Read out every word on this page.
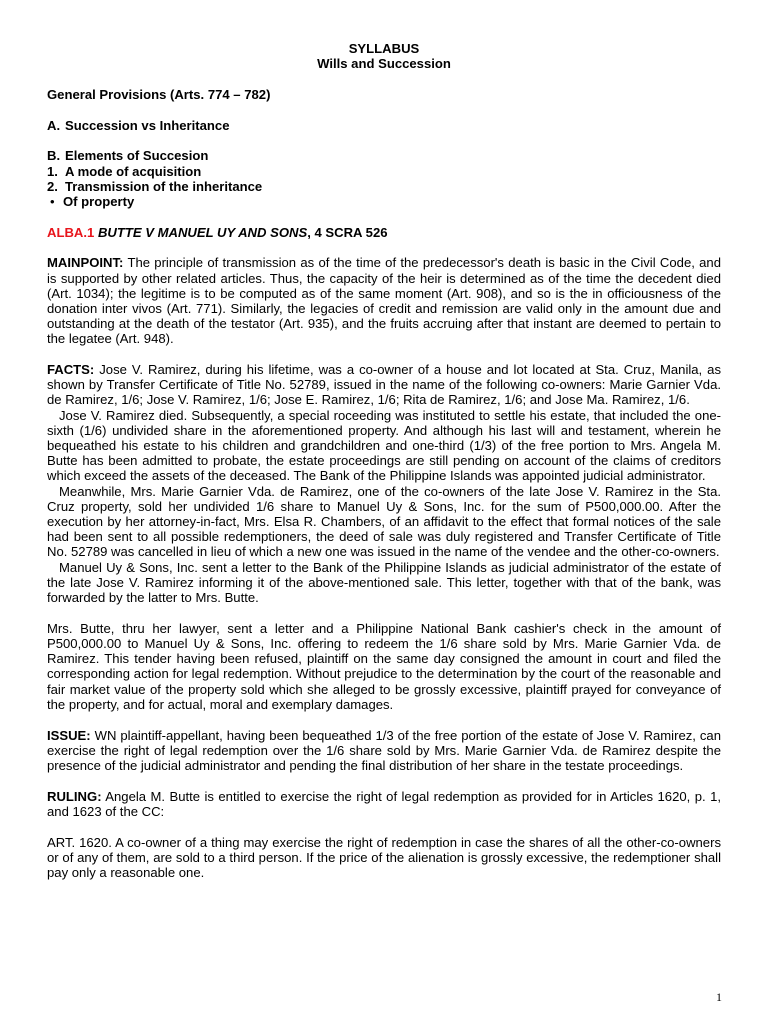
SYLLABUS
Wills and Succession
General Provisions (Arts. 774 – 782)
A. Succession vs Inheritance
B. Elements of Succesion
1. A mode of acquisition
2. Transmission of the inheritance
• Of property
ALBA.1 BUTTE V MANUEL UY AND SONS, 4 SCRA 526

MAINPOINT: The principle of transmission as of the time of the predecessor's death is basic in the Civil Code, and is supported by other related articles. Thus, the capacity of the heir is determined as of the time the decedent died (Art. 1034); the legitime is to be computed as of the same moment (Art. 908), and so is the in officiousness of the donation inter vivos (Art. 771). Similarly, the legacies of credit and remission are valid only in the amount due and outstanding at the death of the testator (Art. 935), and the fruits accruing after that instant are deemed to pertain to the legatee (Art. 948).

FACTS: Jose V. Ramirez, during his lifetime, was a co-owner of a house and lot located at Sta. Cruz, Manila, as shown by Transfer Certificate of Title No. 52789, issued in the name of the following co-owners: Marie Garnier Vda. de Ramirez, 1/6; Jose V. Ramirez, 1/6; Jose E. Ramirez, 1/6; Rita de Ramirez, 1/6; and Jose Ma. Ramirez, 1/6.

Jose V. Ramirez died. Subsequently, a special roceeding was instituted to settle his estate, that included the one-sixth (1/6) undivided share in the aforementioned property. And although his last will and testament, wherein he bequeathed his estate to his children and grandchildren and one-third (1/3) of the free portion to Mrs. Angela M. Butte has been admitted to probate, the estate proceedings are still pending on account of the claims of creditors which exceed the assets of the deceased. The Bank of the Philippine Islands was appointed judicial administrator.

Meanwhile, Mrs. Marie Garnier Vda. de Ramirez, one of the co-owners of the late Jose V. Ramirez in the Sta. Cruz property, sold her undivided 1/6 share to Manuel Uy & Sons, Inc. for the sum of P500,000.00. After the execution by her attorney-in-fact, Mrs. Elsa R. Chambers, of an affidavit to the effect that formal notices of the sale had been sent to all possible redemptioners, the deed of sale was duly registered and Transfer Certificate of Title No. 52789 was cancelled in lieu of which a new one was issued in the name of the vendee and the other-co-owners.

Manuel Uy & Sons, Inc. sent a letter to the Bank of the Philippine Islands as judicial administrator of the estate of the late Jose V. Ramirez informing it of the above-mentioned sale. This letter, together with that of the bank, was forwarded by the latter to Mrs. Butte.

Mrs. Butte, thru her lawyer, sent a letter and a Philippine National Bank cashier's check in the amount of P500,000.00 to Manuel Uy & Sons, Inc. offering to redeem the 1/6 share sold by Mrs. Marie Garnier Vda. de Ramirez. This tender having been refused, plaintiff on the same day consigned the amount in court and filed the corresponding action for legal redemption. Without prejudice to the determination by the court of the reasonable and fair market value of the property sold which she alleged to be grossly excessive, plaintiff prayed for conveyance of the property, and for actual, moral and exemplary damages.

ISSUE: WN plaintiff-appellant, having been bequeathed 1/3 of the free portion of the estate of Jose V. Ramirez, can exercise the right of legal redemption over the 1/6 share sold by Mrs. Marie Garnier Vda. de Ramirez despite the presence of the judicial administrator and pending the final distribution of her share in the testate proceedings.

RULING: Angela M. Butte is entitled to exercise the right of legal redemption as provided for in Articles 1620, p. 1, and 1623 of the CC:

ART. 1620. A co-owner of a thing may exercise the right of redemption in case the shares of all the other-co-owners or of any of them, are sold to a third person. If the price of the alienation is grossly excessive, the redemptioner shall pay only a reasonable one.

1
